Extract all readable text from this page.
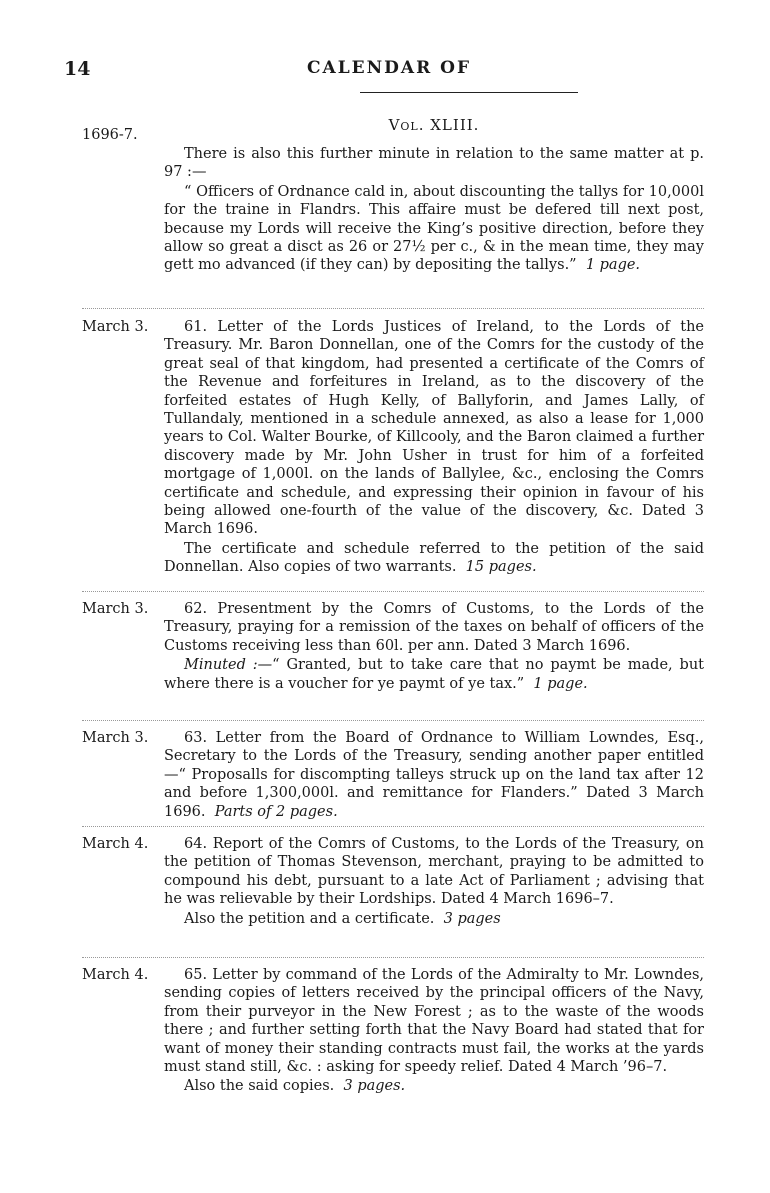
14	CALENDAR OF
Vol. XLIII.
1696-7.

There is also this further minute in relation to the same matter at p. 97 :—

“ Officers of Ordnance cald in, about discounting the tallys for 10,000l for the traine in Flandrs. This affaire must be defered till next post, because my Lords will receive the King’s positive direction, before they allow so great a disct as 26 or 27½ per c., & in the mean time, they may gett mo advanced (if they can) by depositing the tallys.” 1 page.

March 3.	61. Letter of the Lords Justices of Ireland, to the Lords of the Treasury. Mr. Baron Donnellan, one of the Comrs for the custody of the great seal of that kingdom, had presented a certificate of the Comrs of the Revenue and forfeitures in Ireland, as to the discovery of the forfeited estates of Hugh Kelly, of Ballyforin, and James Lally, of Tullandaly, mentioned in a schedule annexed, as also a lease for 1,000 years to Col. Walter Bourke, of Killcooly, and the Baron claimed a further discovery made by Mr. John Usher in trust for him of a forfeited mortgage of 1,000l. on the lands of Ballylee, &c., enclosing the Comrs certificate and schedule, and expressing their opinion in favour of his being allowed one-fourth of the value of the discovery, &c. Dated 3 March 1696.

The certificate and schedule referred to the petition of the said Donnellan. Also copies of two warrants. 15 pages.

March 3.	62. Presentment by the Comrs of Customs, to the Lords of the Treasury, praying for a remission of the taxes on behalf of officers of the Customs receiving less than 60l. per ann. Dated 3 March 1696.

Minuted :—“ Granted, but to take care that no paymt be made, but where there is a voucher for ye paymt of ye tax.” 1 page.

March 3.	63. Letter from the Board of Ordnance to William Lowndes, Esq., Secretary to the Lords of the Treasury, sending another paper entitled—“ Proposalls for discompting talleys struck up on the land tax after 12 and before 1,300,000l. and remittance for Flanders.” Dated 3 March 1696. Parts of 2 pages.

March 4.	64. Report of the Comrs of Customs, to the Lords of the Treasury, on the petition of Thomas Stevenson, merchant, praying to be admitted to compound his debt, pursuant to a late Act of Parliament ; advising that he was relievable by their Lordships. Dated 4 March 1696–7.

Also the petition and a certificate. 3 pages

March 4.	65. Letter by command of the Lords of the Admiralty to Mr. Lowndes, sending copies of letters received by the principal officers of the Navy, from their purveyor in the New Forest ; as to the waste of the woods there ; and further setting forth that the Navy Board had stated that for want of money their standing contracts must fail, the works at the yards must stand still, &c. : asking for speedy relief. Dated 4 March ’96–7.

Also the said copies. 3 pages.
